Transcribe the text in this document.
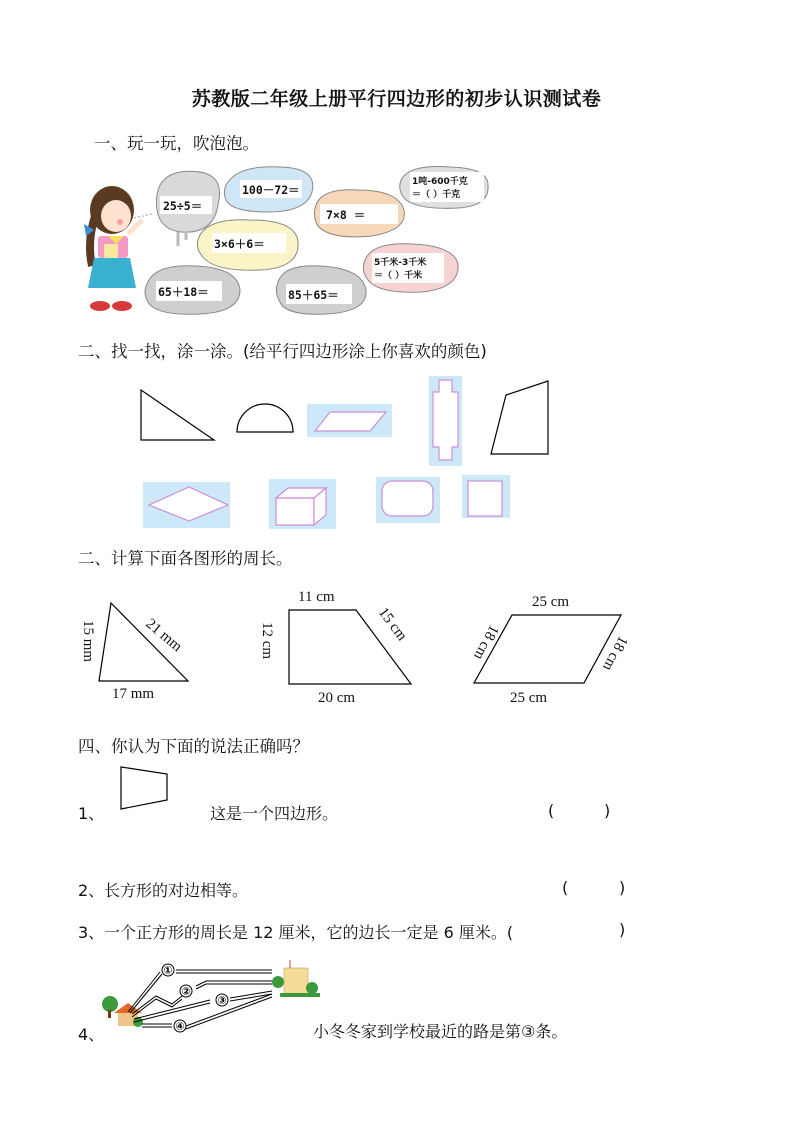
苏教版二年级上册平行四边形的初步认识测试卷
一、玩一玩，吹泡泡。
25÷5＝
100－72＝
7×8 ＝
1吨-600千克
＝（ ）千克
3×6＋6＝
5千米-3千米
＝（ ）千米
65＋18＝	85＋65＝
二、找一找，涂一涂。(给平行四边形涂上你喜欢的颜色)
二、计算下面各图形的周长。
15 mm	21 mm
17 mm
11 cm
12 cm	15 cm
20 cm
25 cm
18 cm	18 cm
25 cm
四、你认为下面的说法正确吗？
1、	这是一个四边形。	(	)
2、 长方形的对边相等。	(	)
3、 一个正方形的周长是 12 厘米，它的边长一定是 6 厘米。(	)
4、
①
②
③
④	小冬冬家到学校最近的路是第③条。
